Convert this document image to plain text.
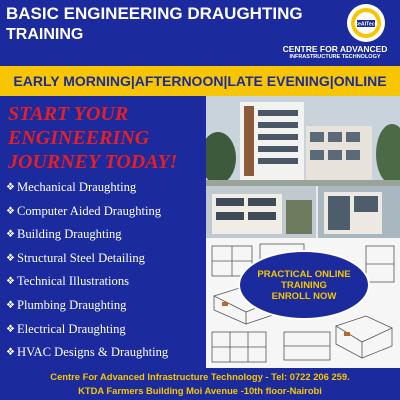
BASIC ENGINEERING DRAUGHTING
TRAINING
CeAITech
CENTRE FOR ADVANCED
INFRASTRUCTURE TECHNOLOGY
EARLY MORNING|AFTERNOON|LATE EVENING|ONLINE
START YOUR
ENGINEERING
JOURNEY TODAY!
❖ Mechanical Draughting
❖ Computer Aided Draughting
❖ Building Draughting
❖ Structural Steel Detailing
❖ Technical Illustrations
❖ Plumbing Draughting
❖ Electrical Draughting
❖ HVAC Designs & Draughting
PRACTICAL ONLINE
TRAINING
ENROLL NOW
Centre For Advanced Infrastructure Technology - Tel: 0722 206 259.
KTDA Farmers Building Moi Avenue -10th floor-Nairobi
